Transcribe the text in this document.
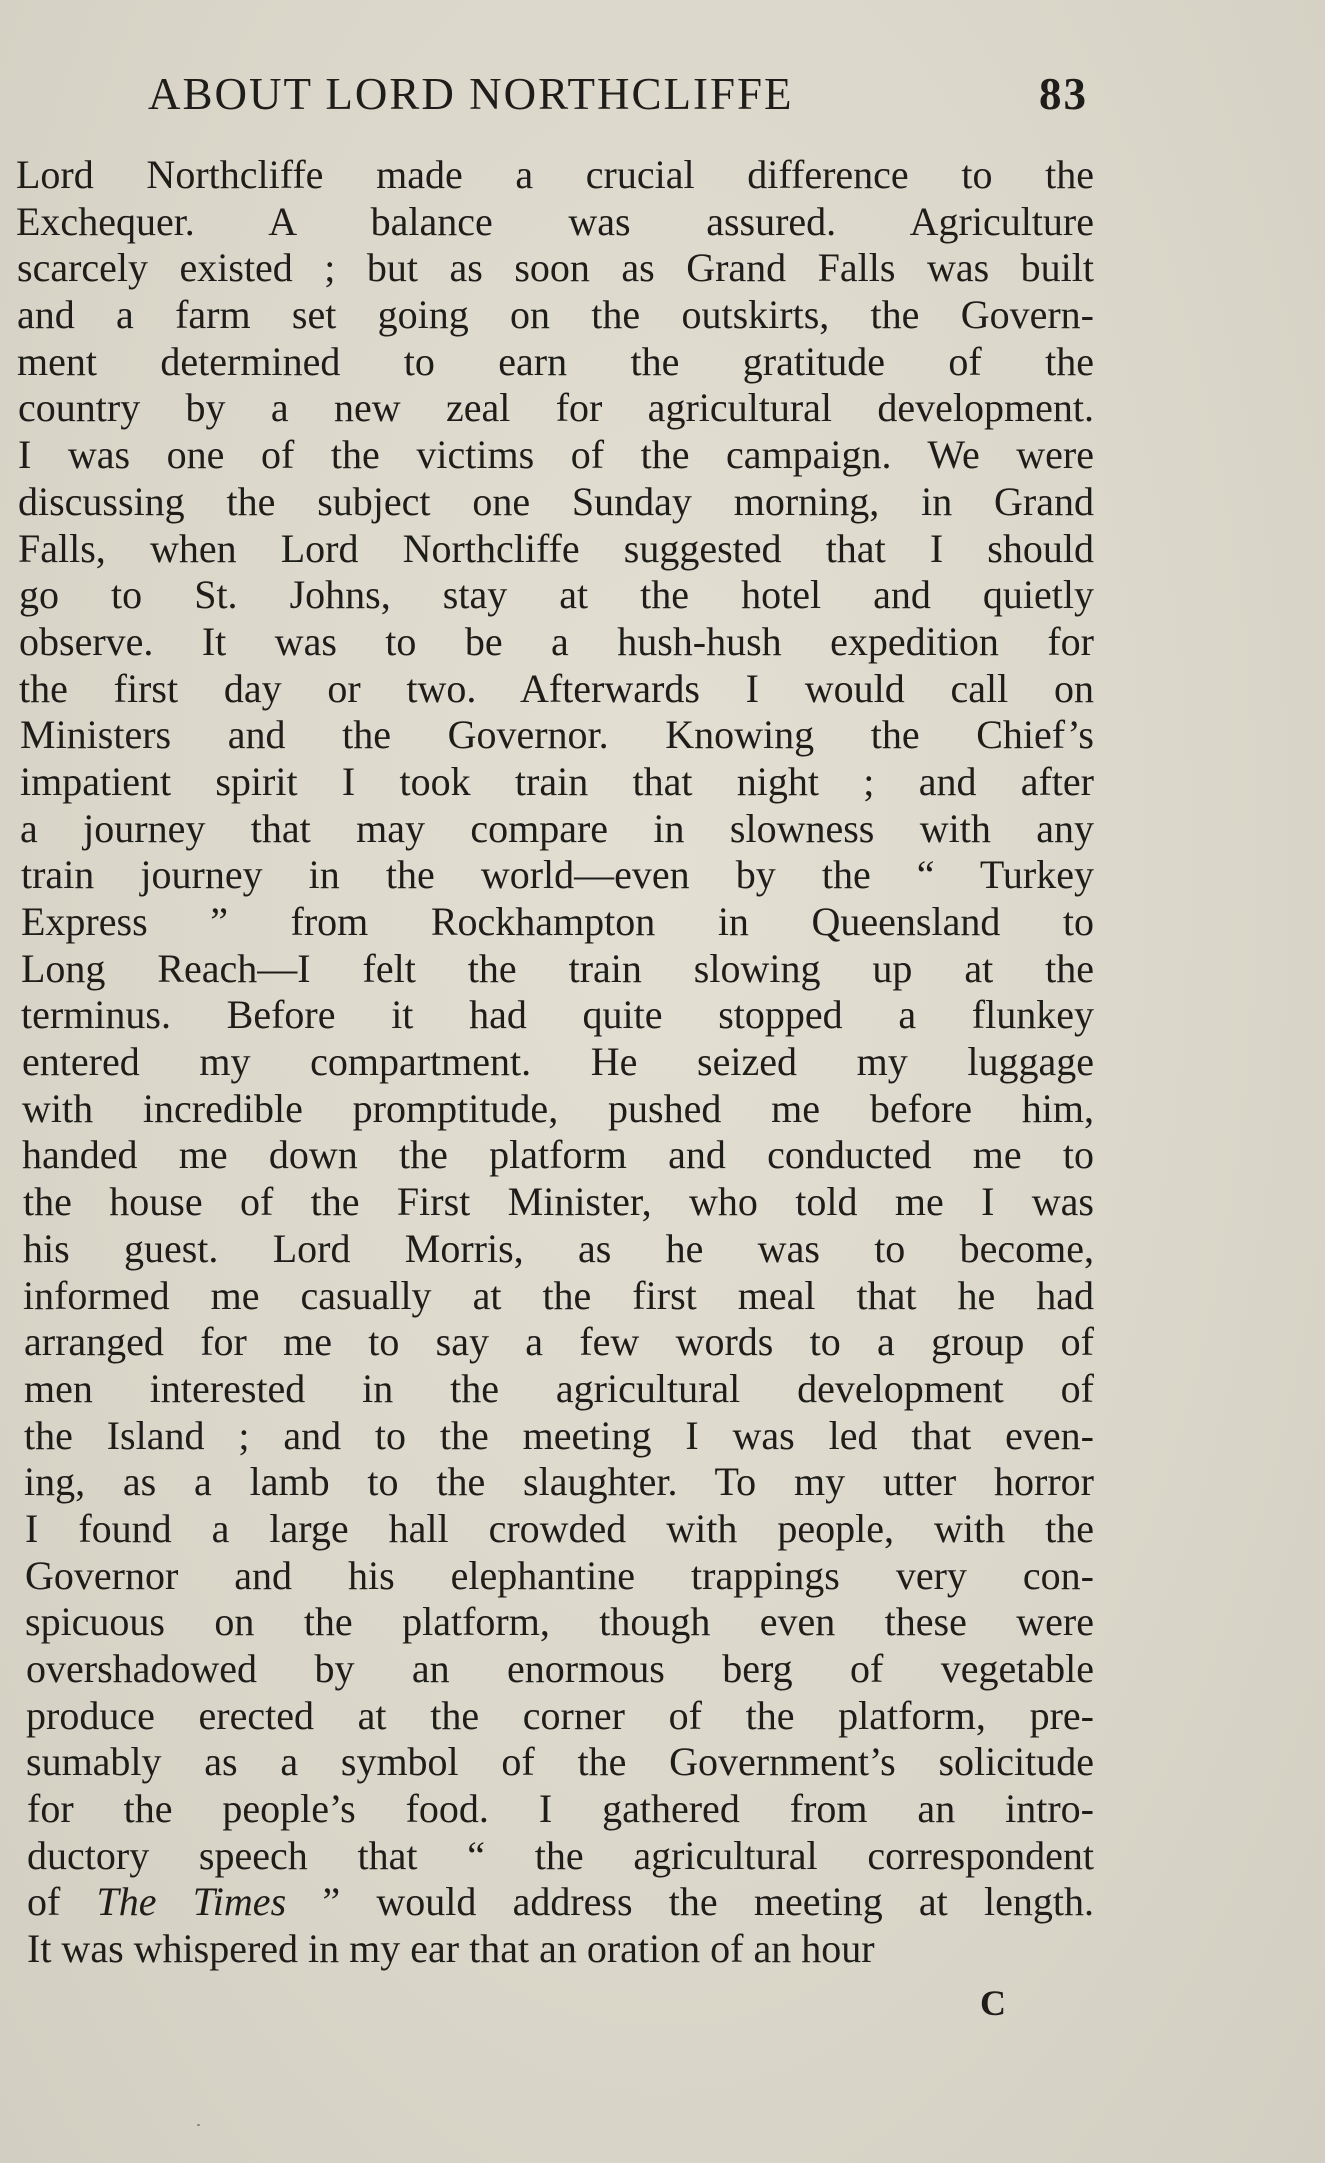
ABOUT LORD NORTHCLIFFE	83
Lord Northcliffe made a crucial difference to the
Exchequer. A balance was assured. Agriculture
scarcely existed ; but as soon as Grand Falls was built
and a farm set going on the outskirts, the Govern-
ment determined to earn the gratitude of the
country by a new zeal for agricultural development.
I was one of the victims of the campaign. We were
discussing the subject one Sunday morning, in Grand
Falls, when Lord Northcliffe suggested that I should
go to St. Johns, stay at the hotel and quietly
observe. It was to be a hush-hush expedition for
the first day or two. Afterwards I would call on
Ministers and the Governor. Knowing the Chief’s
impatient spirit I took train that night ; and after
a journey that may compare in slowness with any
train journey in the world—even by the “ Turkey
Express ” from Rockhampton in Queensland to
Long Reach—I felt the train slowing up at the
terminus. Before it had quite stopped a flunkey
entered my compartment. He seized my luggage
with incredible promptitude, pushed me before him,
handed me down the platform and conducted me to
the house of the First Minister, who told me I was
his guest. Lord Morris, as he was to become,
informed me casually at the first meal that he had
arranged for me to say a few words to a group of
men interested in the agricultural development of
the Island ; and to the meeting I was led that even-
ing, as a lamb to the slaughter. To my utter horror
I found a large hall crowded with people, with the
Governor and his elephantine trappings very con-
spicuous on the platform, though even these were
overshadowed by an enormous berg of vegetable
produce erected at the corner of the platform, pre-
sumably as a symbol of the Government’s solicitude
for the people’s food. I gathered from an intro-
ductory speech that “ the agricultural correspondent
of The Times ” would address the meeting at length.
It was whispered in my ear that an oration of an hour
C
